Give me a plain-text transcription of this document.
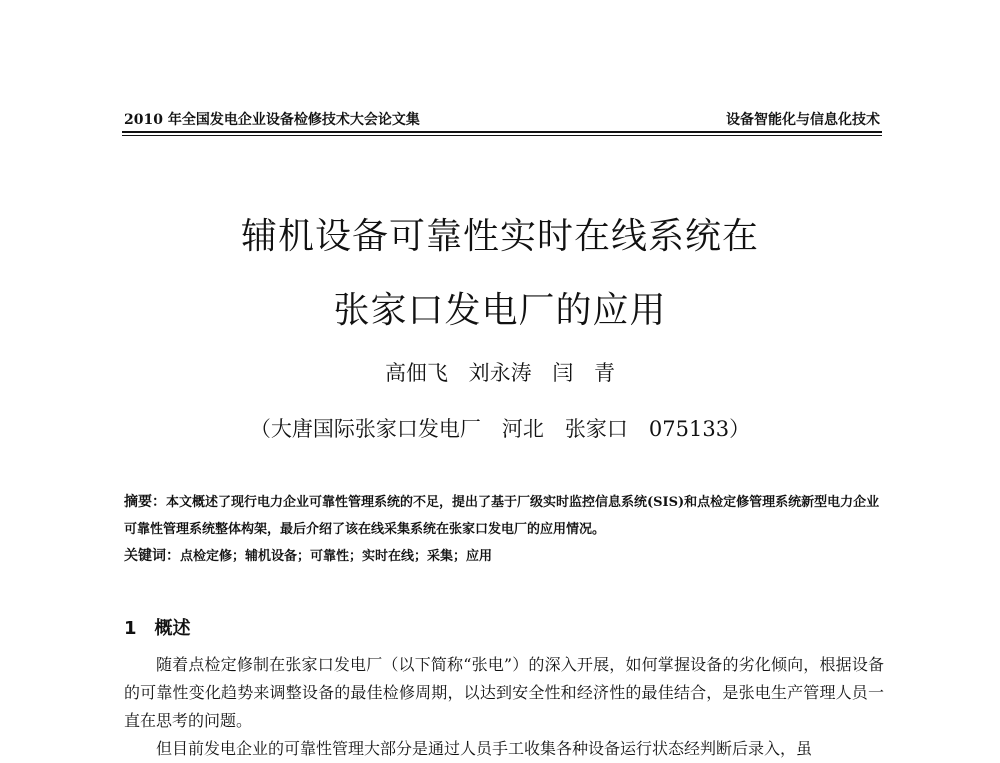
2010 年全国发电企业设备检修技术大会论文集	设备智能化与信息化技术
辅机设备可靠性实时在线系统在
张家口发电厂的应用
高佃飞 刘永涛 闫 青
（大唐国际张家口发电厂　河北　张家口　075133）
摘要：本文概述了现行电力企业可靠性管理系统的不足，提出了基于厂级实时监控信息系统(SIS)和点检定修管理系统新型电力企业可靠性管理系统整体构架，最后介绍了该在线采集系统在张家口发电厂的应用情况。
关键词：点检定修；辅机设备；可靠性；实时在线；采集；应用
1 概述
随着点检定修制在张家口发电厂（以下简称“张电”）的深入开展，如何掌握设备的劣化倾向，根据设备的可靠性变化趋势来调整设备的最佳检修周期，以达到安全性和经济性的最佳结合，是张电生产管理人员一直在思考的问题。
但目前发电企业的可靠性管理大部分是通过人员手工收集各种设备运行状态经判断后录入，虽
